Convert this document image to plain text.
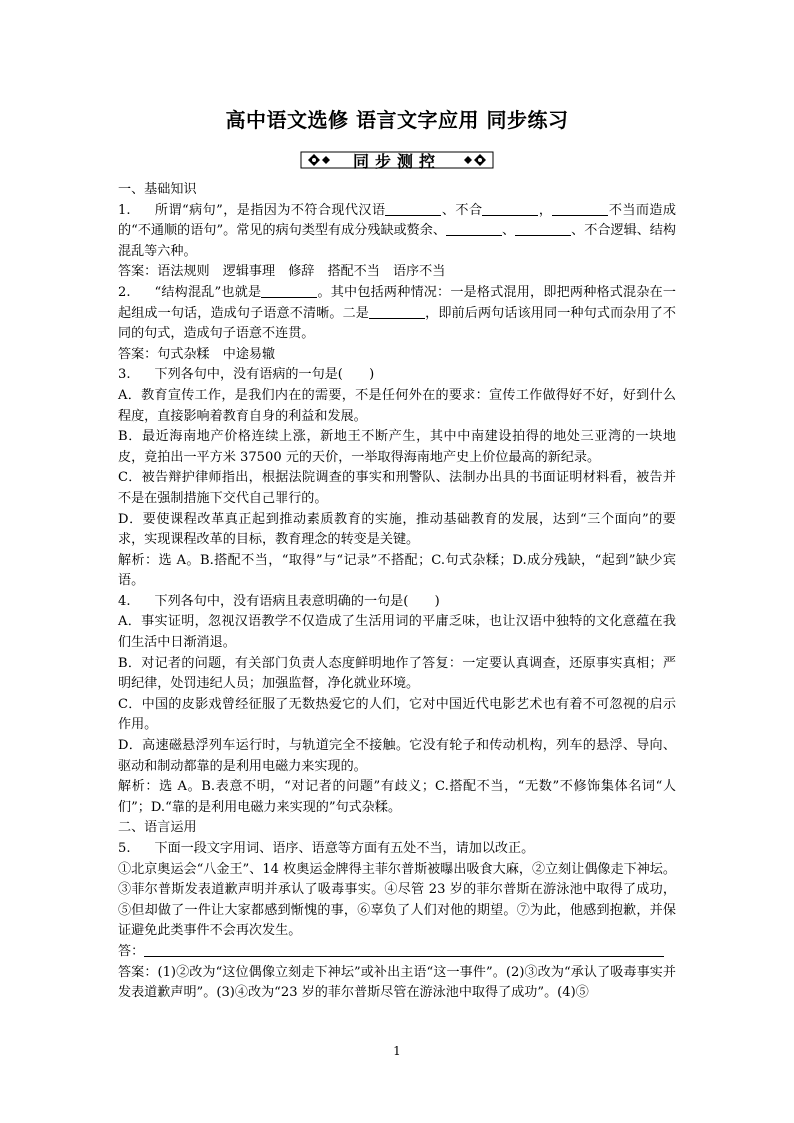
高中语文选修 语言文字应用 同步练习
同步测控

一、基础知识

1. 所谓“病句”，是指因为不符合现代汉语	、不合	，	不当而造成的“不通顺的语句”。常见的病句类型有成分残缺或赘余、	、	、不合逻辑、结构混乱等六种。

答案：语法规则　逻辑事理　修辞　搭配不当　语序不当

2. “结构混乱”也就是	。其中包括两种情况：一是格式混用，即把两种格式混杂在一起组成一句话，造成句子语意不清晰。二是	，即前后两句话该用同一种句式而杂用了不同的句式，造成句子语意不连贯。

答案：句式杂糅　中途易辙

3. 下列各句中，没有语病的一句是(　　)

A．教育宣传工作，是我们内在的需要，不是任何外在的要求：宣传工作做得好不好，好到什么程度，直接影响着教育自身的利益和发展。

B．最近海南地产价格连续上涨，新地王不断产生，其中中南建设拍得的地处三亚湾的一块地皮，竟拍出一平方米 37500 元的天价，一举取得海南地产史上价位最高的新纪录。

C．被告辩护律师指出，根据法院调查的事实和刑警队、法制办出具的书面证明材料看，被告并不是在强制措施下交代自己罪行的。

D．要使课程改革真正起到推动素质教育的实施，推动基础教育的发展，达到“三个面向”的要求，实现课程改革的目标，教育理念的转变是关键。

解析：选 A。B.搭配不当，“取得”与“记录”不搭配；C.句式杂糅；D.成分残缺，“起到”缺少宾语。

4. 下列各句中，没有语病且表意明确的一句是(　　)

A．事实证明，忽视汉语教学不仅造成了生活用词的平庸乏味，也让汉语中独特的文化意蕴在我们生活中日渐消退。

B．对记者的问题，有关部门负责人态度鲜明地作了答复：一定要认真调查，还原事实真相；严明纪律，处罚违纪人员；加强监督，净化就业环境。

C．中国的皮影戏曾经征服了无数热爱它的人们，它对中国近代电影艺术也有着不可忽视的启示作用。

D．高速磁悬浮列车运行时，与轨道完全不接触。它没有轮子和传动机构，列车的悬浮、导向、驱动和制动都靠的是利用电磁力来实现的。

解析：选 A。B.表意不明，“对记者的问题”有歧义；C.搭配不当，“无数”不修饰集体名词“人们”；D.“靠的是利用电磁力来实现的”句式杂糅。

二、语言运用

5. 下面一段文字用词、语序、语意等方面有五处不当，请加以改正。

①北京奥运会“八金王”、14 枚奥运金牌得主菲尔普斯被曝出吸食大麻，②立刻让偶像走下神坛。③菲尔普斯发表道歉声明并承认了吸毒事实。④尽管 23 岁的菲尔普斯在游泳池中取得了成功，⑤但却做了一件让大家都感到惭愧的事，⑥辜负了人们对他的期望。⑦为此，他感到抱歉，并保证避免此类事件不会再次发生。

答：

答案：(1)②改为“这位偶像立刻走下神坛”或补出主语“这一事件”。(2)③改为“承认了吸毒事实并发表道歉声明”。(3)④改为“23 岁的菲尔普斯尽管在游泳池中取得了成功”。(4)⑤

1
